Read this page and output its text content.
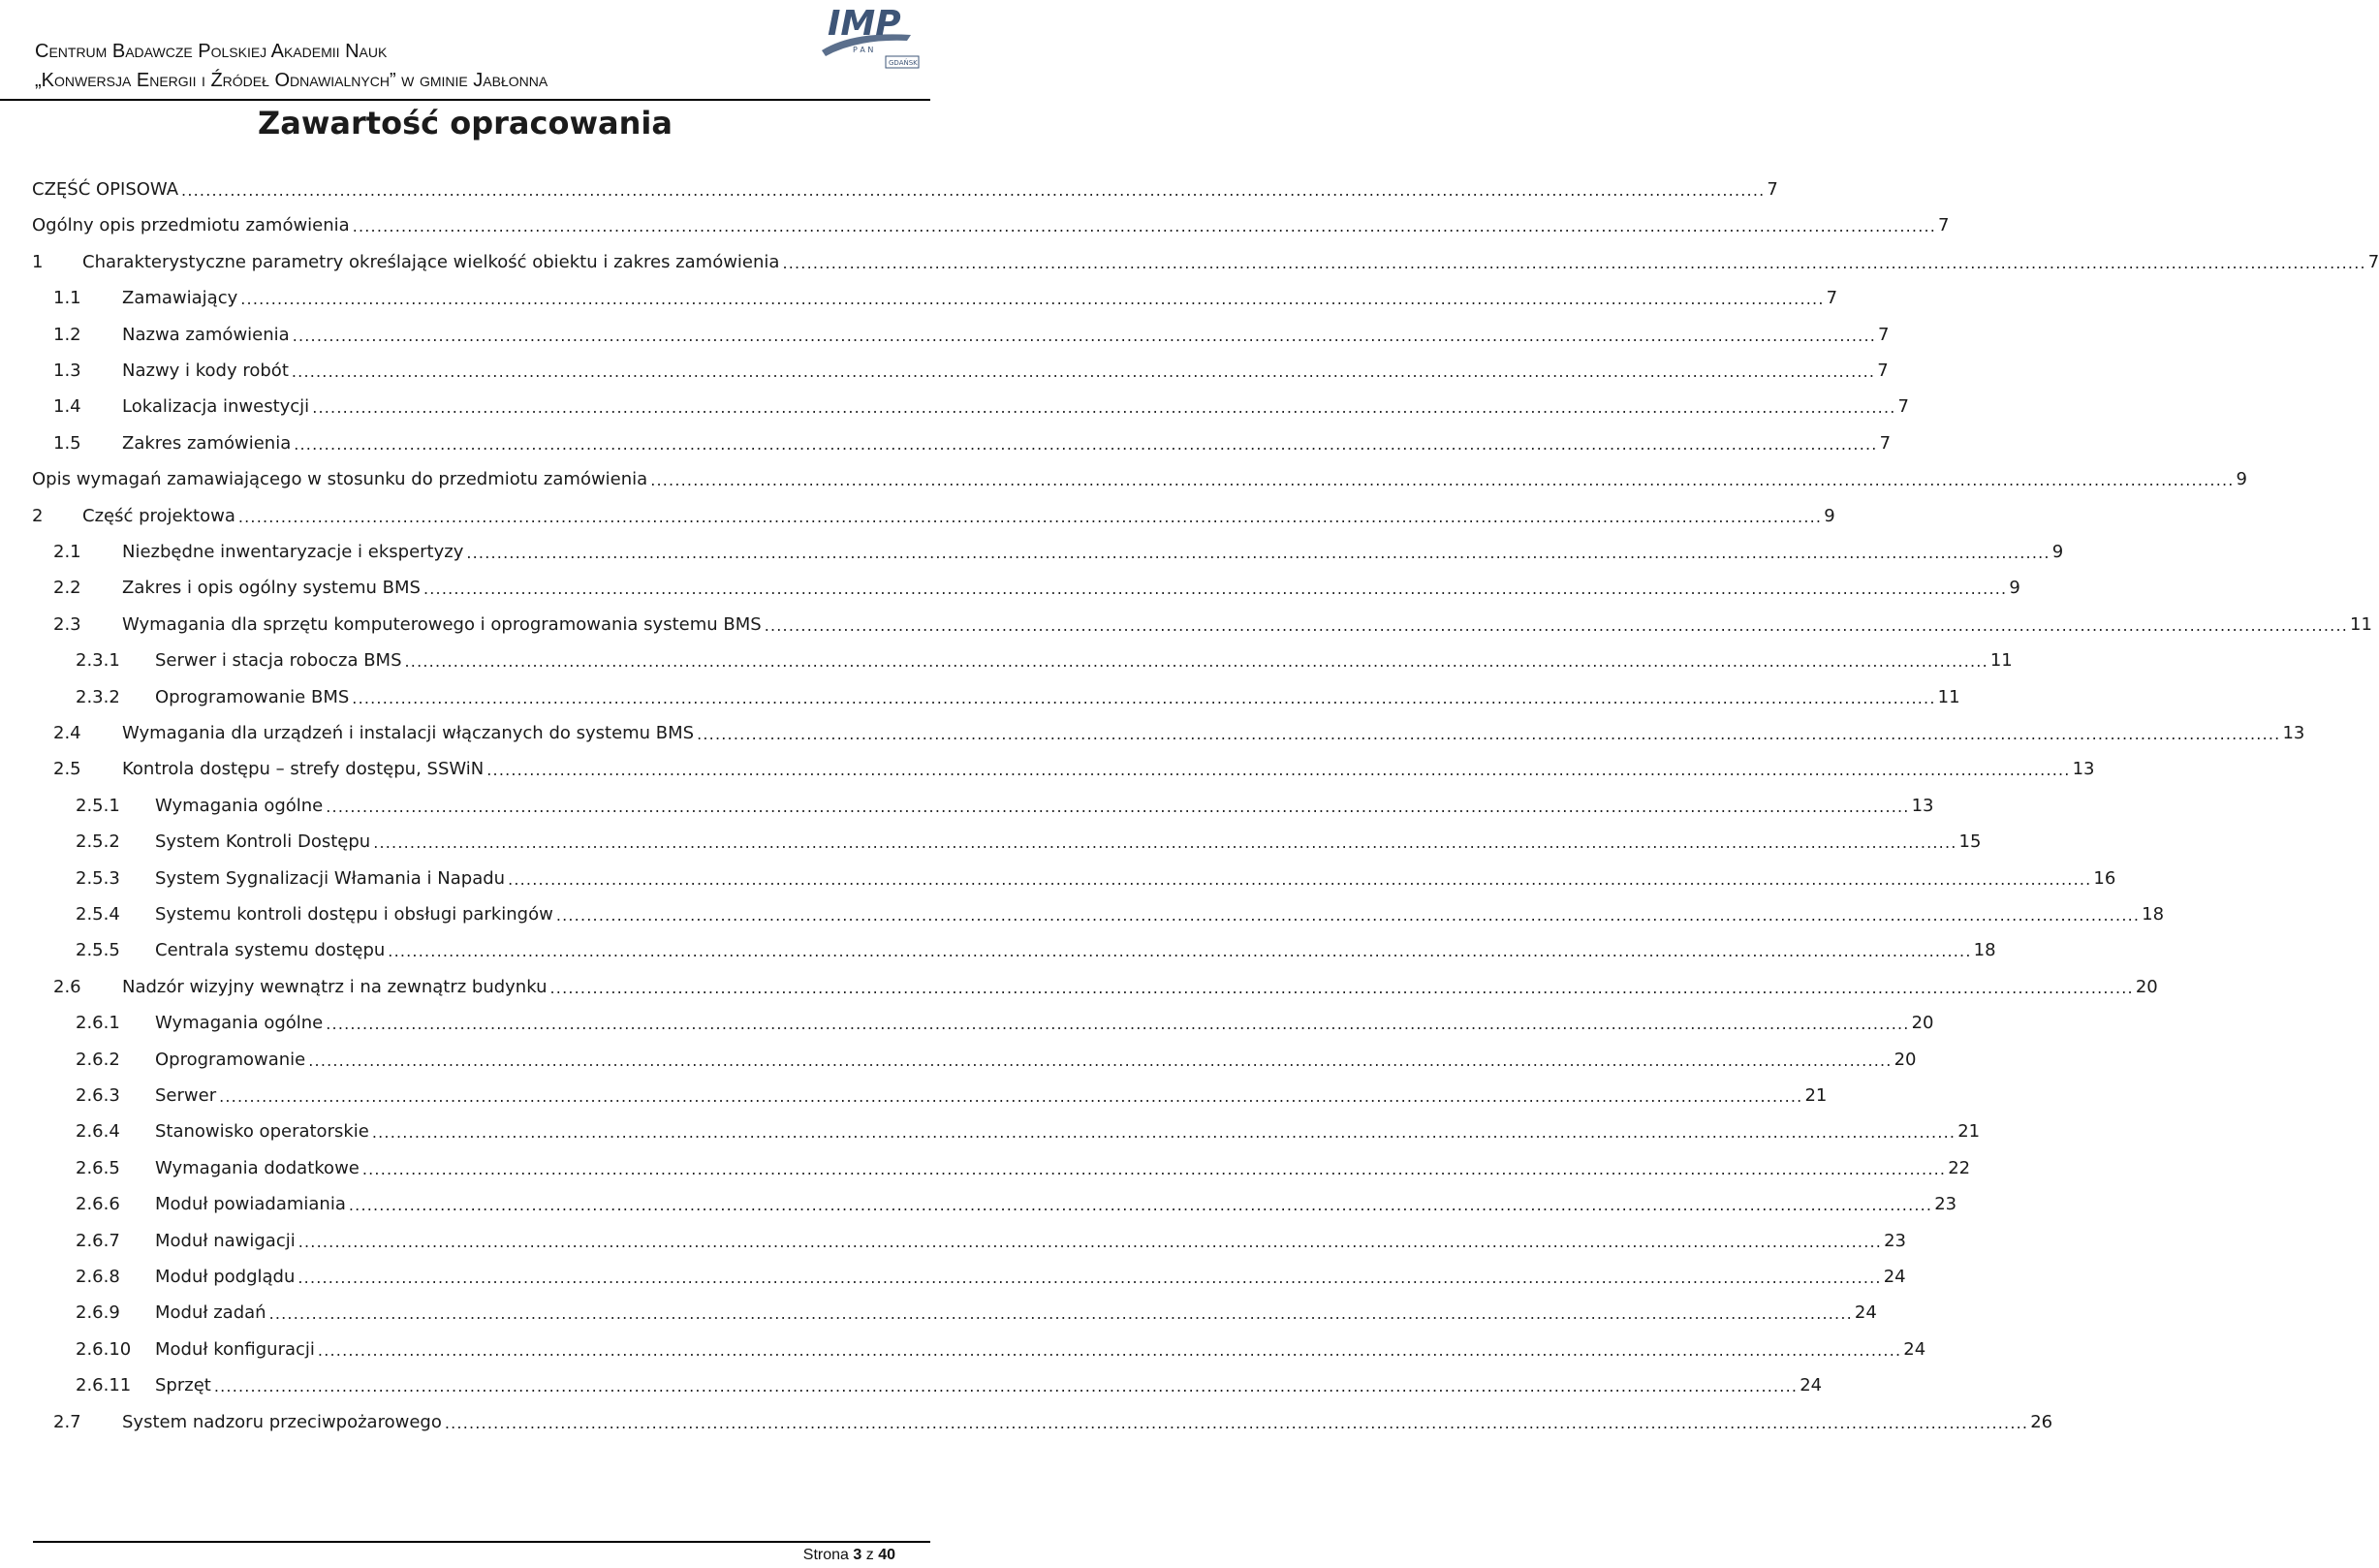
Centrum Badawcze Polskiej Akademii Nauk
„Konwersja Energii i Źródeł Odnawialnych” w gminie Jabłonna
IMP
P A N
GDAŃSK
Zawartość opracowania
CZĘŚĆ OPISOWA .................................................................................................................................................................................................................................................................... 7
Ogólny opis przedmiotu zamówienia .................................................................................................................................................................................................................................................................... 7
1	Charakterystyczne parametry określające wielkość obiektu i zakres zamówienia .................................................................................................................................................................................................................................................................... 7
1.1	Zamawiający .................................................................................................................................................................................................................................................................... 7
1.2	Nazwa zamówienia .................................................................................................................................................................................................................................................................... 7
1.3	Nazwy i kody robót .................................................................................................................................................................................................................................................................... 7
1.4	Lokalizacja inwestycji .................................................................................................................................................................................................................................................................... 7
1.5	Zakres zamówienia .................................................................................................................................................................................................................................................................... 7
Opis wymagań zamawiającego w stosunku do przedmiotu zamówienia .................................................................................................................................................................................................................................................................... 9
2	Część projektowa .................................................................................................................................................................................................................................................................... 9
2.1	Niezbędne inwentaryzacje i ekspertyzy .................................................................................................................................................................................................................................................................... 9
2.2	Zakres i opis ogólny systemu BMS .................................................................................................................................................................................................................................................................... 9
2.3	Wymagania dla sprzętu komputerowego i oprogramowania systemu BMS .................................................................................................................................................................................................................................................................... 11
2.3.1	Serwer i stacja robocza BMS .................................................................................................................................................................................................................................................................... 11
2.3.2	Oprogramowanie BMS .................................................................................................................................................................................................................................................................... 11
2.4	Wymagania dla urządzeń i instalacji włączanych do systemu BMS .................................................................................................................................................................................................................................................................... 13
2.5	Kontrola dostępu – strefy dostępu, SSWiN .................................................................................................................................................................................................................................................................... 13
2.5.1	Wymagania ogólne .................................................................................................................................................................................................................................................................... 13
2.5.2	System Kontroli Dostępu .................................................................................................................................................................................................................................................................... 15
2.5.3	System Sygnalizacji Włamania i Napadu .................................................................................................................................................................................................................................................................... 16
2.5.4	Systemu kontroli dostępu i obsługi parkingów .................................................................................................................................................................................................................................................................... 18
2.5.5	Centrala systemu dostępu .................................................................................................................................................................................................................................................................... 18
2.6	Nadzór wizyjny wewnątrz i na zewnątrz budynku .................................................................................................................................................................................................................................................................... 20
2.6.1	Wymagania ogólne .................................................................................................................................................................................................................................................................... 20
2.6.2	Oprogramowanie .................................................................................................................................................................................................................................................................... 20
2.6.3	Serwer .................................................................................................................................................................................................................................................................... 21
2.6.4	Stanowisko operatorskie .................................................................................................................................................................................................................................................................... 21
2.6.5	Wymagania dodatkowe .................................................................................................................................................................................................................................................................... 22
2.6.6	Moduł powiadamiania .................................................................................................................................................................................................................................................................... 23
2.6.7	Moduł nawigacji .................................................................................................................................................................................................................................................................... 23
2.6.8	Moduł podglądu .................................................................................................................................................................................................................................................................... 24
2.6.9	Moduł zadań .................................................................................................................................................................................................................................................................... 24
2.6.10	Moduł konfiguracji .................................................................................................................................................................................................................................................................... 24
2.6.11	Sprzęt .................................................................................................................................................................................................................................................................... 24
2.7	System nadzoru przeciwpożarowego .................................................................................................................................................................................................................................................................... 26
Strona 3 z 40
